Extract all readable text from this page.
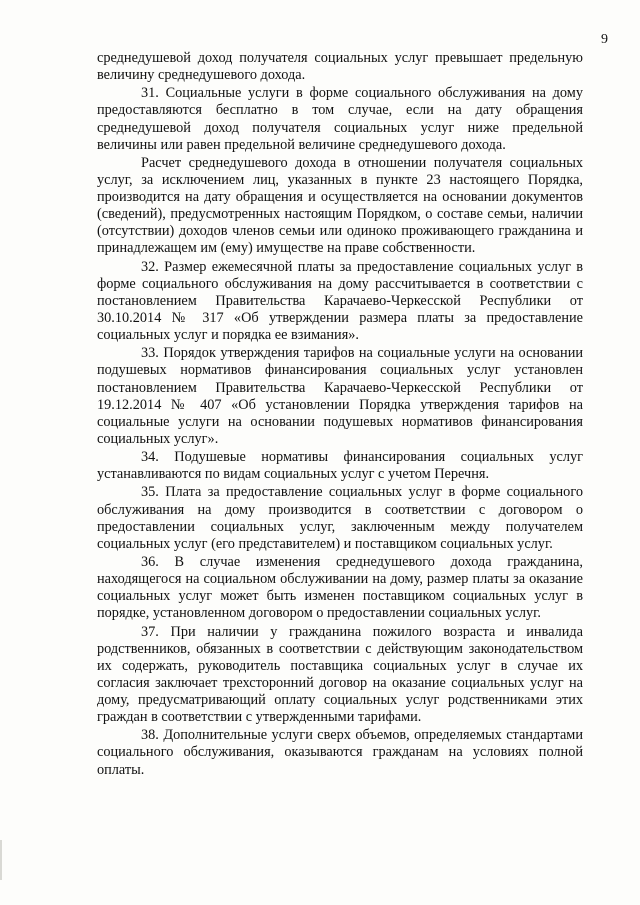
9

среднедушевой доход получателя социальных услуг превышает предельную величину среднедушевого дохода.

31. Социальные услуги в форме социального обслуживания на дому предоставляются бесплатно в том случае, если на дату обращения среднедушевой доход получателя социальных услуг ниже предельной величины или равен предельной величине среднедушевого дохода.

Расчет среднедушевого дохода в отношении получателя социальных услуг, за исключением лиц, указанных в пункте 23 настоящего Порядка, производится на дату обращения и осуществляется на основании документов (сведений), предусмотренных настоящим Порядком, о составе семьи, наличии (отсутствии) доходов членов семьи или одиноко проживающего гражданина и принадлежащем им (ему) имуществе на праве собственности.

32. Размер ежемесячной платы за предоставление социальных услуг в форме социального обслуживания на дому рассчитывается в соответствии с постановлением Правительства Карачаево-Черкесской Республики от 30.10.2014 № 317 «Об утверждении размера платы за предоставление социальных услуг и порядка ее взимания».

33. Порядок утверждения тарифов на социальные услуги на основании подушевых нормативов финансирования социальных услуг установлен постановлением Правительства Карачаево-Черкесской Республики от 19.12.2014 № 407 «Об установлении Порядка утверждения тарифов на социальные услуги на основании подушевых нормативов финансирования социальных услуг».

34. Подушевые нормативы финансирования социальных услуг устанавливаются по видам социальных услуг с учетом Перечня.

35. Плата за предоставление социальных услуг в форме социального обслуживания на дому производится в соответствии с договором о предоставлении социальных услуг, заключенным между получателем социальных услуг (его представителем) и поставщиком социальных услуг.

36. В случае изменения среднедушевого дохода гражданина, находящегося на социальном обслуживании на дому, размер платы за оказание социальных услуг может быть изменен поставщиком социальных услуг в порядке, установленном договором о предоставлении социальных услуг.

37. При наличии у гражданина пожилого возраста и инвалида родственников, обязанных в соответствии с действующим законодательством их содержать, руководитель поставщика социальных услуг в случае их согласия заключает трехсторонний договор на оказание социальных услуг на дому, предусматривающий оплату социальных услуг родственниками этих граждан в соответствии с утвержденными тарифами.

38. Дополнительные услуги сверх объемов, определяемых стандартами социального обслуживания, оказываются гражданам на условиях полной оплаты.
